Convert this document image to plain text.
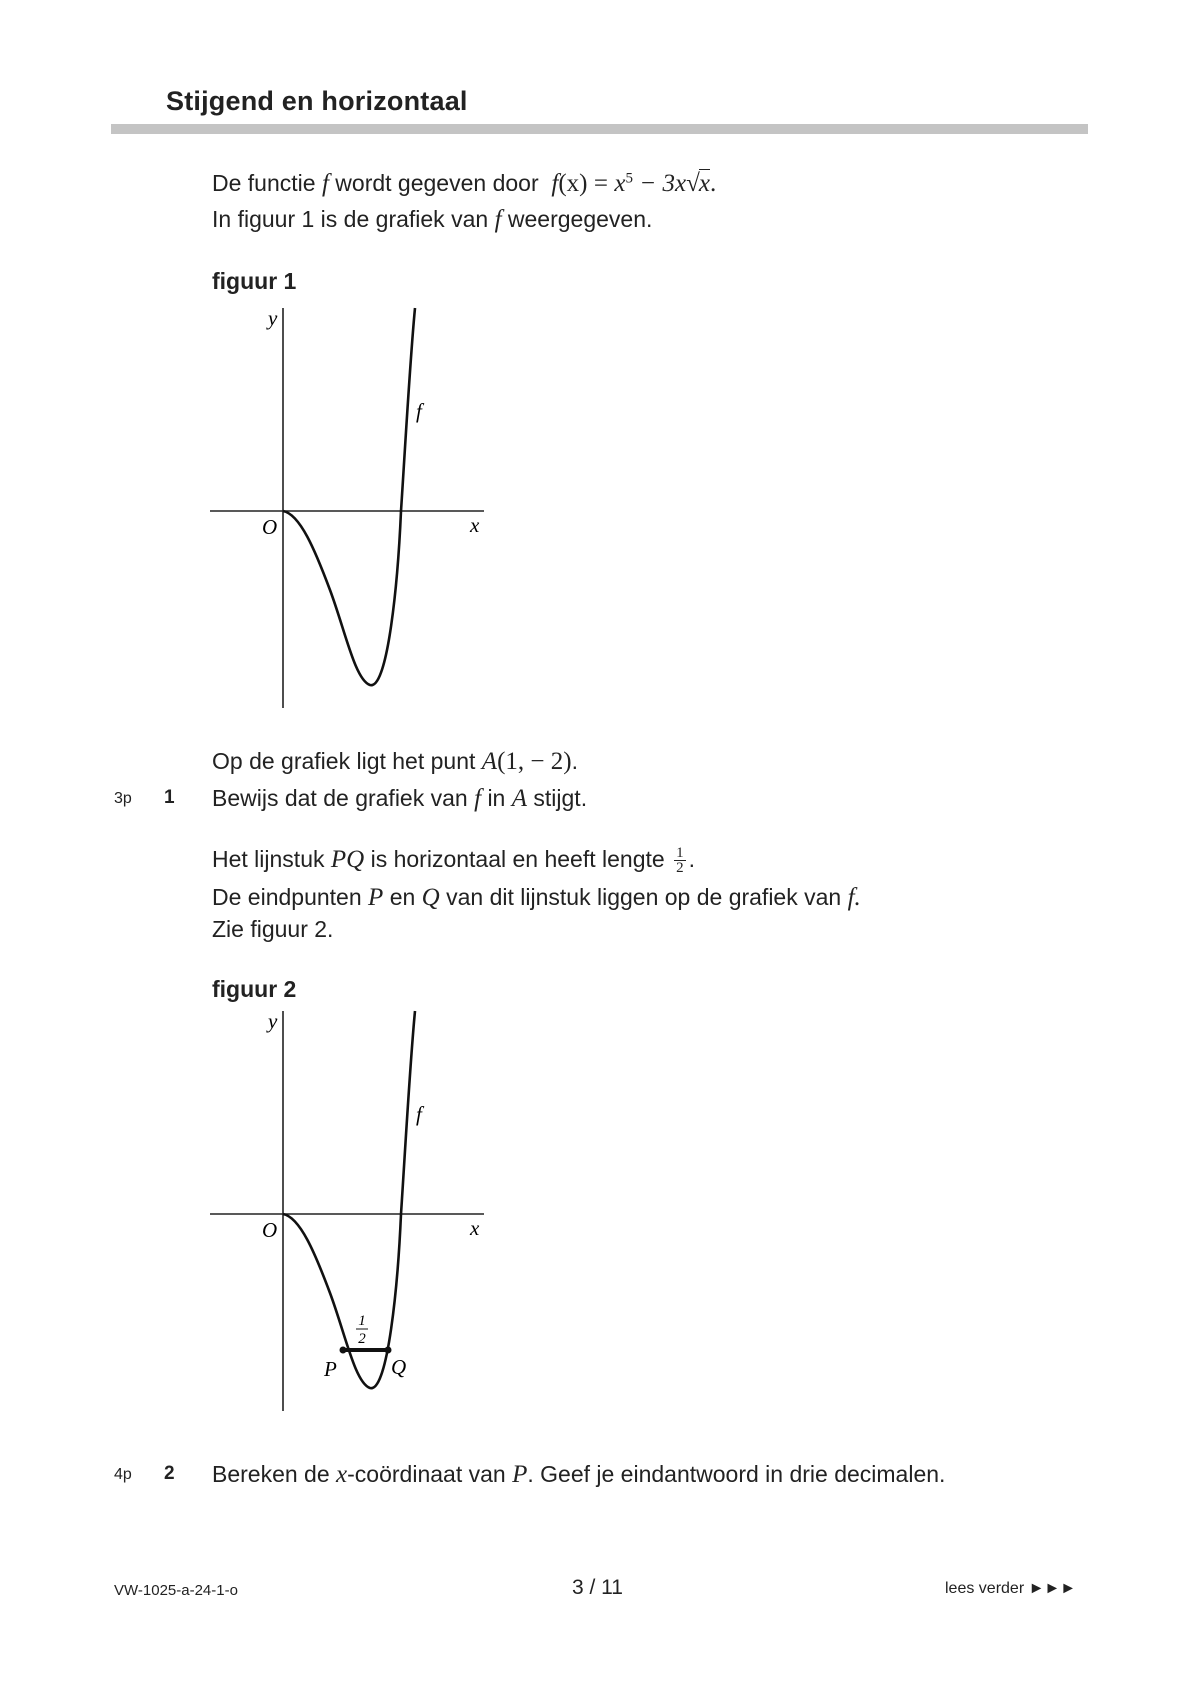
Stijgend en horizontaal
De functie f wordt gegeven door $f(x) = x^5 - 3x√x$.
In figuur 1 is de grafiek van f weergegeven.
figuur 1
y
x
O
f
Op de grafiek ligt het punt A(1, − 2).
3p 1 Bewijs dat de grafiek van f in A stijgt.
Het lijnstuk PQ is horizontaal en heeft lengte $\frac{1}{2}$ .
De eindpunten P en Q van dit lijnstuk liggen op de grafiek van f.
Zie figuur 2.
figuur 2
y
x
O
f
P	Q
1
2
4p 2 Bereken de x-coördinaat van P. Geef je eindantwoord in drie decimalen.
VW-1025-a-24-1-o	3 / 11	lees verder ►►►
